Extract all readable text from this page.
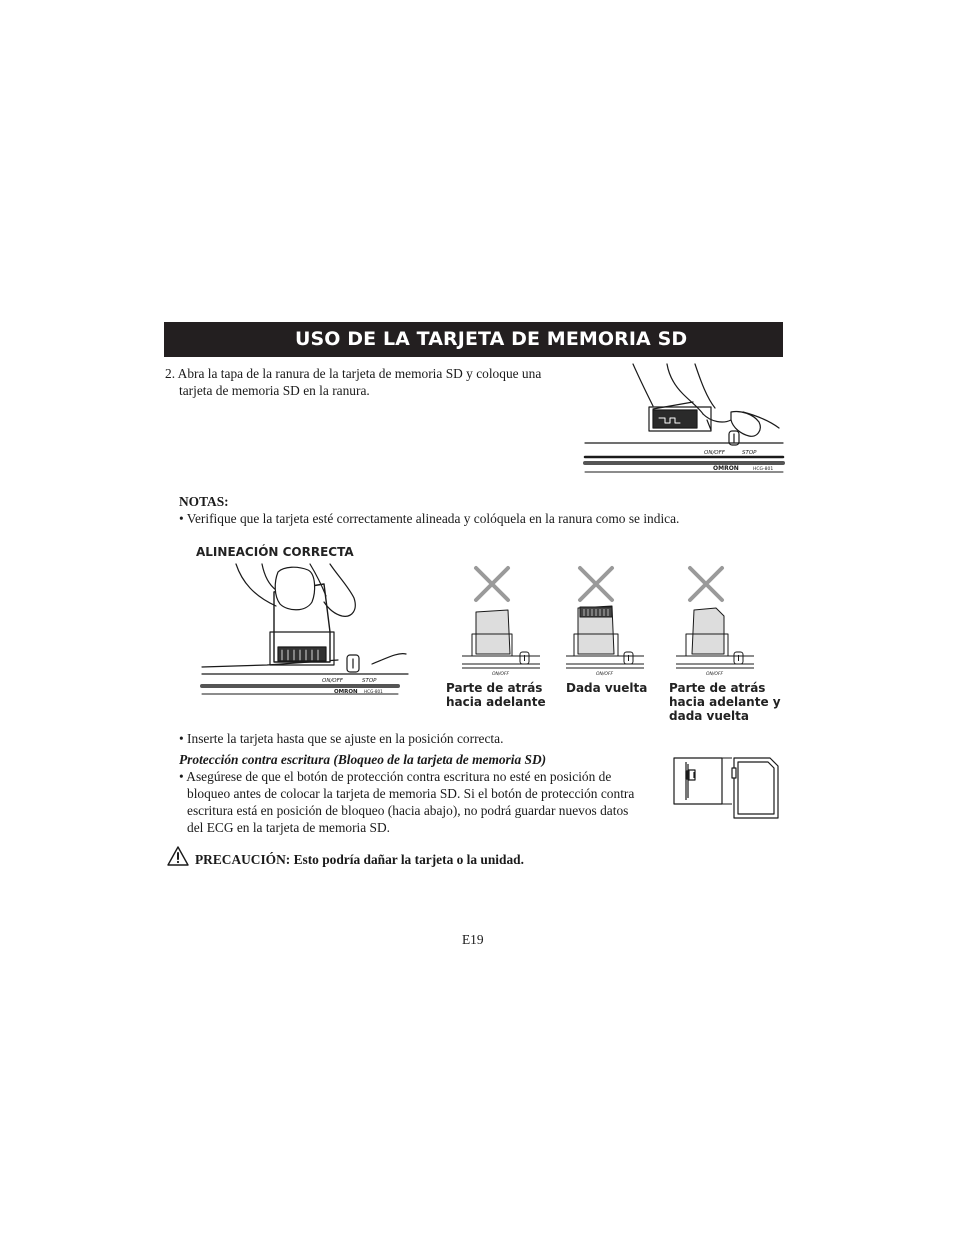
USO DE LA TARJETA DE MEMORIA SD
2. Abra la tapa de la ranura de la tarjeta de memoria SD y coloque una
tarjeta de memoria SD en la ranura.
ON/OFF	STOP
OMRON	HCG-801
NOTAS:
• Verifique que la tarjeta esté correctamente alineada y colóquela en la ranura como se indica.
ALINEACIÓN CORRECTA
ON/OFF	STOP
OMRON HCG-801
ON/OFF
Parte de atrás
hacia adelante
ON/OFF
Dada vuelta
ON/OFF
Parte de atrás
hacia adelante y
dada vuelta
• Inserte la tarjeta hasta que se ajuste en la posición correcta.
Protección contra escritura (Bloqueo de la tarjeta de memoria SD)
• Asegúrese de que el botón de protección contra escritura no esté en posición de
bloqueo antes de colocar la tarjeta de memoria SD. Si el botón de protección contra
escritura está en posición de bloqueo (hacia abajo), no podrá guardar nuevos datos
del ECG en la tarjeta de memoria SD.
PRECAUCIÓN: Esto podría dañar la tarjeta o la unidad.
E19
